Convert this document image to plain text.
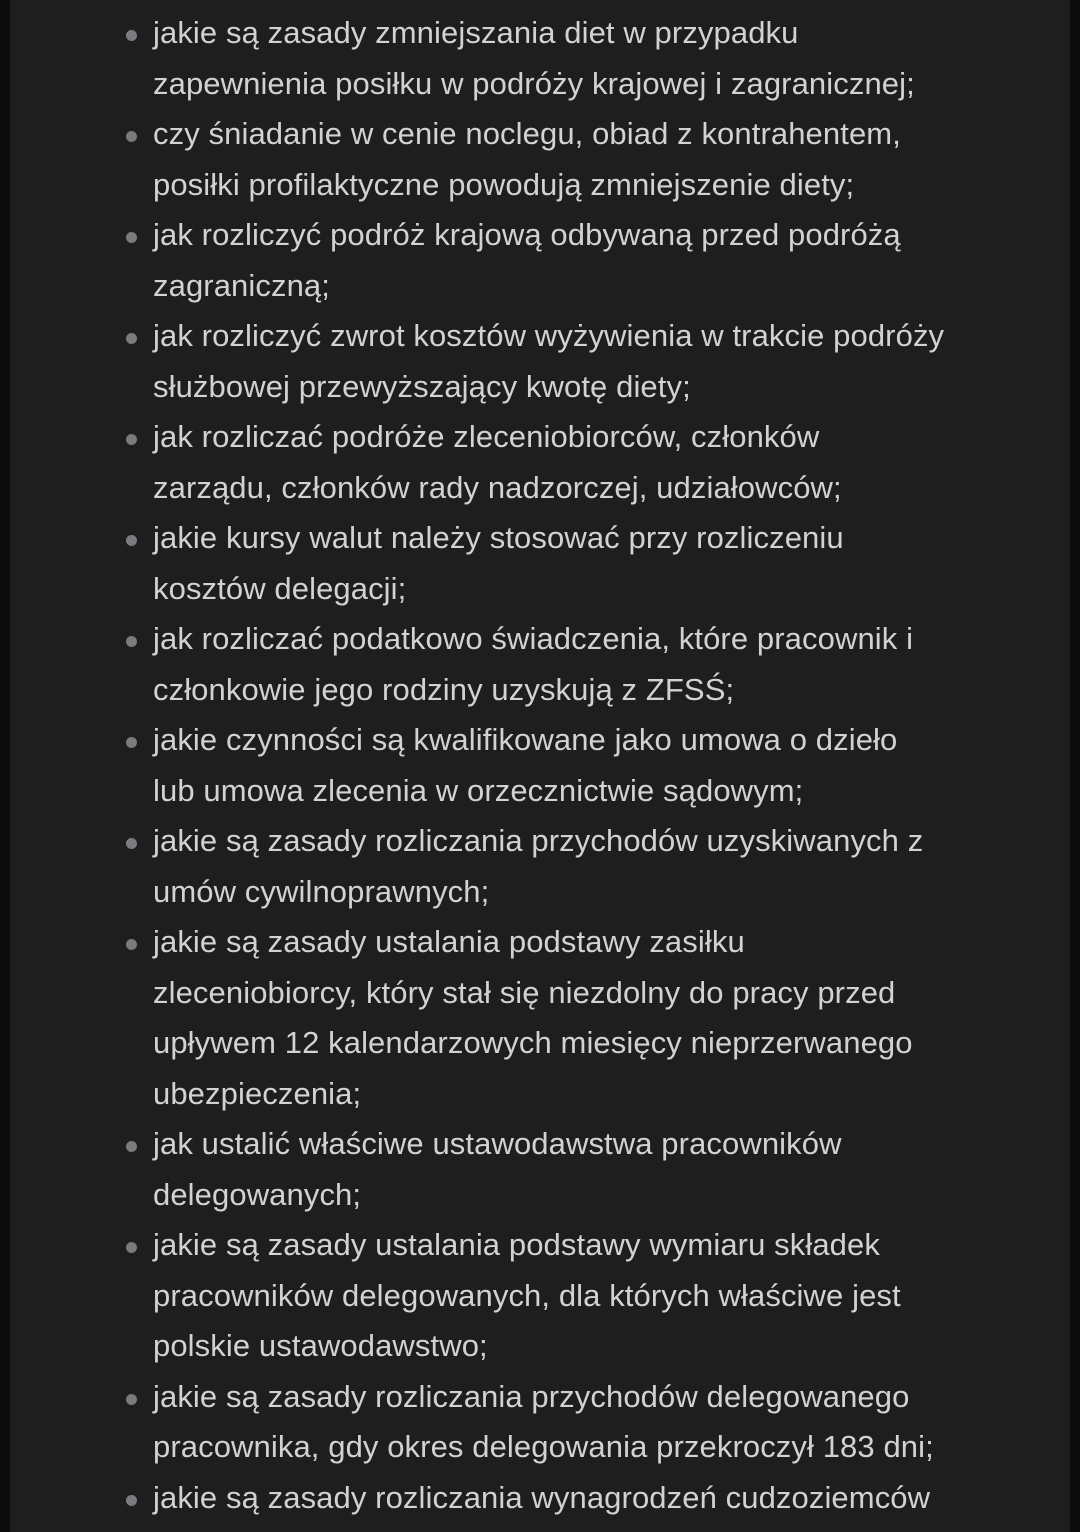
jakie są zasady zmniejszania diet w przypadku
zapewnienia posiłku w podróży krajowej i zagranicznej;
czy śniadanie w cenie noclegu, obiad z kontrahentem,
posiłki profilaktyczne powodują zmniejszenie diety;
jak rozliczyć podróż krajową odbywaną przed podróżą
zagraniczną;
jak rozliczyć zwrot kosztów wyżywienia w trakcie podróży
służbowej przewyższający kwotę diety;
jak rozliczać podróże zleceniobiorców, członków
zarządu, członków rady nadzorczej, udziałowców;
jakie kursy walut należy stosować przy rozliczeniu
kosztów delegacji;
jak rozliczać podatkowo świadczenia, które pracownik i
członkowie jego rodziny uzyskują z ZFSŚ;
jakie czynności są kwalifikowane jako umowa o dzieło
lub umowa zlecenia w orzecznictwie sądowym;
jakie są zasady rozliczania przychodów uzyskiwanych z
umów cywilnoprawnych;
jakie są zasady ustalania podstawy zasiłku
zleceniobiorcy, który stał się niezdolny do pracy przed
upływem 12 kalendarzowych miesięcy nieprzerwanego
ubezpieczenia;
jak ustalić właściwe ustawodawstwa pracowników
delegowanych;
jakie są zasady ustalania podstawy wymiaru składek
pracowników delegowanych, dla których właściwe jest
polskie ustawodawstwo;
jakie są zasady rozliczania przychodów delegowanego
pracownika, gdy okres delegowania przekroczył 183 dni;
jakie są zasady rozliczania wynagrodzeń cudzoziemców
